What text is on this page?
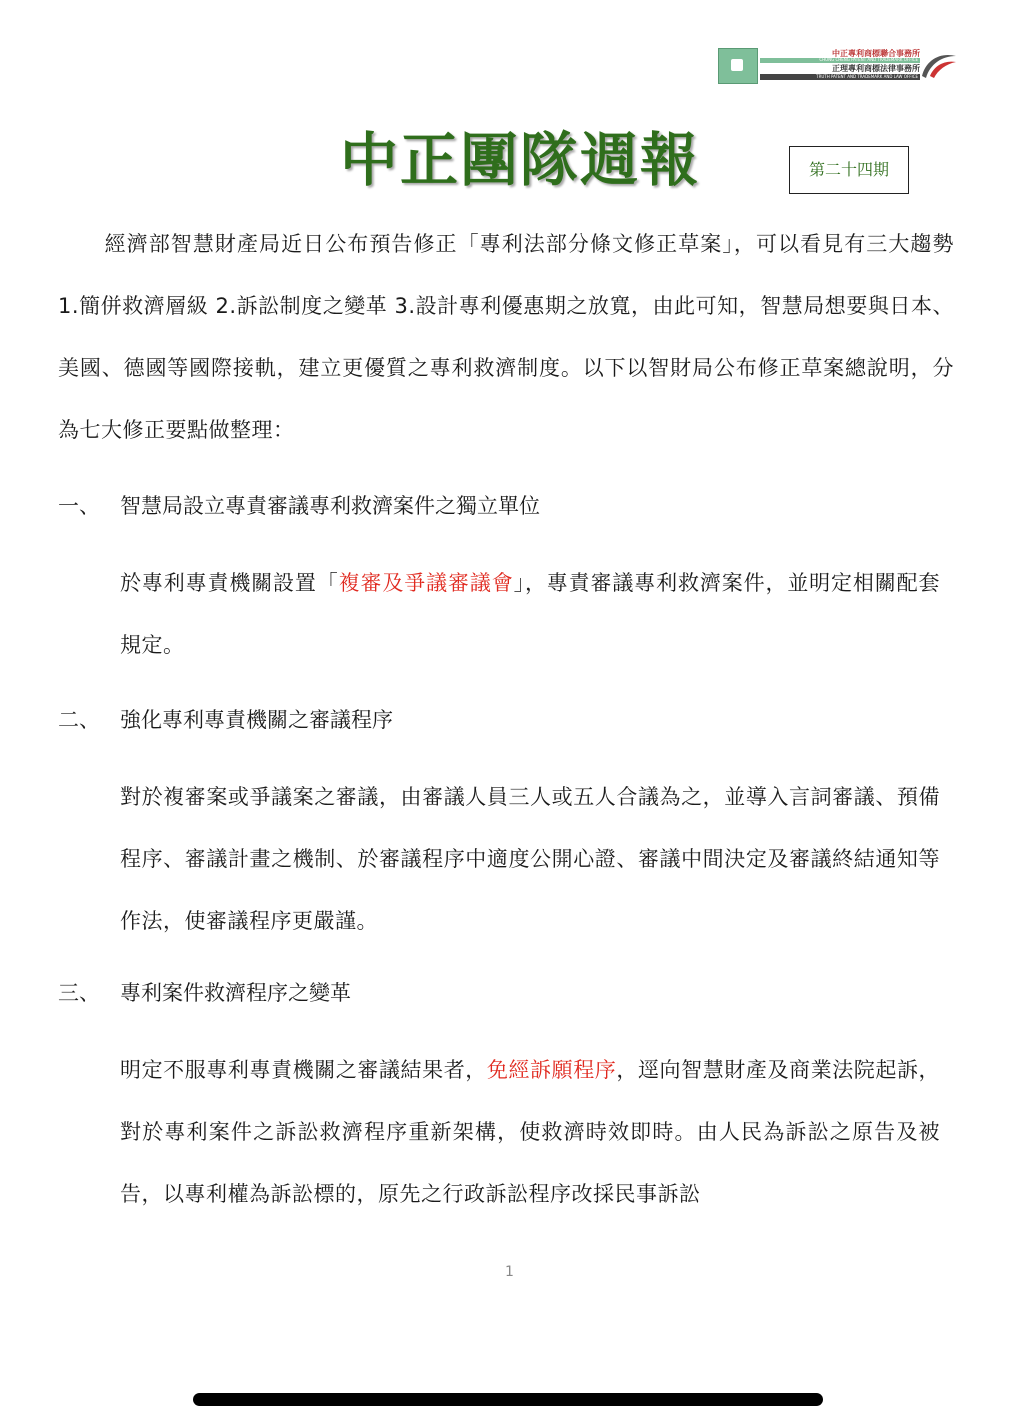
中正專利商標聯合事務所
CHUNG CHENG PATENT AND TRADEMARK OFFICE
正理專利商標法律事務所
TRUTH PATENT AND TRADEMARK AND LAW OFFICE
中正團隊週報	第二十四期
經濟部智慧財產局近日公布預告修正「專利法部分條文修正草案」，可以看見有三大趨勢 1.簡併救濟層級 2.訴訟制度之變革 3.設計專利優惠期之放寬，由此可知，智慧局想要與日本、美國、德國等國際接軌，建立更優質之專利救濟制度。以下以智財局公布修正草案總說明，分為七大修正要點做整理：
一、 智慧局設立專責審議專利救濟案件之獨立單位
於專利專責機關設置「複審及爭議審議會」，專責審議專利救濟案件，並明定相關配套規定。
二、 強化專利專責機關之審議程序
對於複審案或爭議案之審議，由審議人員三人或五人合議為之，並導入言詞審議、預備程序、審議計畫之機制、於審議程序中適度公開心證、審議中間決定及審議終結通知等作法，使審議程序更嚴謹。
三、 專利案件救濟程序之變革
明定不服專利專責機關之審議結果者，免經訴願程序，逕向智慧財產及商業法院起訴，對於專利案件之訴訟救濟程序重新架構，使救濟時效即時。由人民為訴訟之原告及被告，以專利權為訴訟標的，原先之行政訴訟程序改採民事訴訟
1
